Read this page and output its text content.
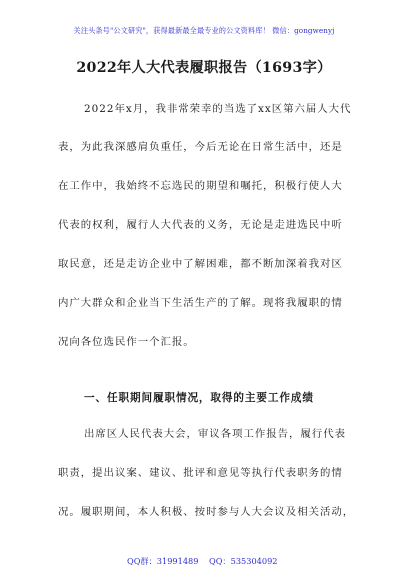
关注头条号"公文研究"，获得最新最全最专业的公文资料库！ 微信：gongwenyj
2022年人大代表履职报告（1693字）
2022年x月，我非常荣幸的当选了xx区第六届人大代
表，为此我深感肩负重任，今后无论在日常生活中，还是
在工作中，我始终不忘选民的期望和嘱托，积极行使人大
代表的权利，履行人大代表的义务，无论是走进选民中听
取民意，还是走访企业中了解困难，都不断加深着我对区
内广大群众和企业当下生活生产的了解。现将我履职的情
况向各位选民作一个汇报。
一、任职期间履职情况，取得的主要工作成绩
出席区人民代表大会，审议各项工作报告，履行代表
职责，提出议案、建议、批评和意见等执行代表职务的情
况。履职期间，本人积极、按时参与人大会议及相关活动，
QQ群：31991489 QQ：535304092
